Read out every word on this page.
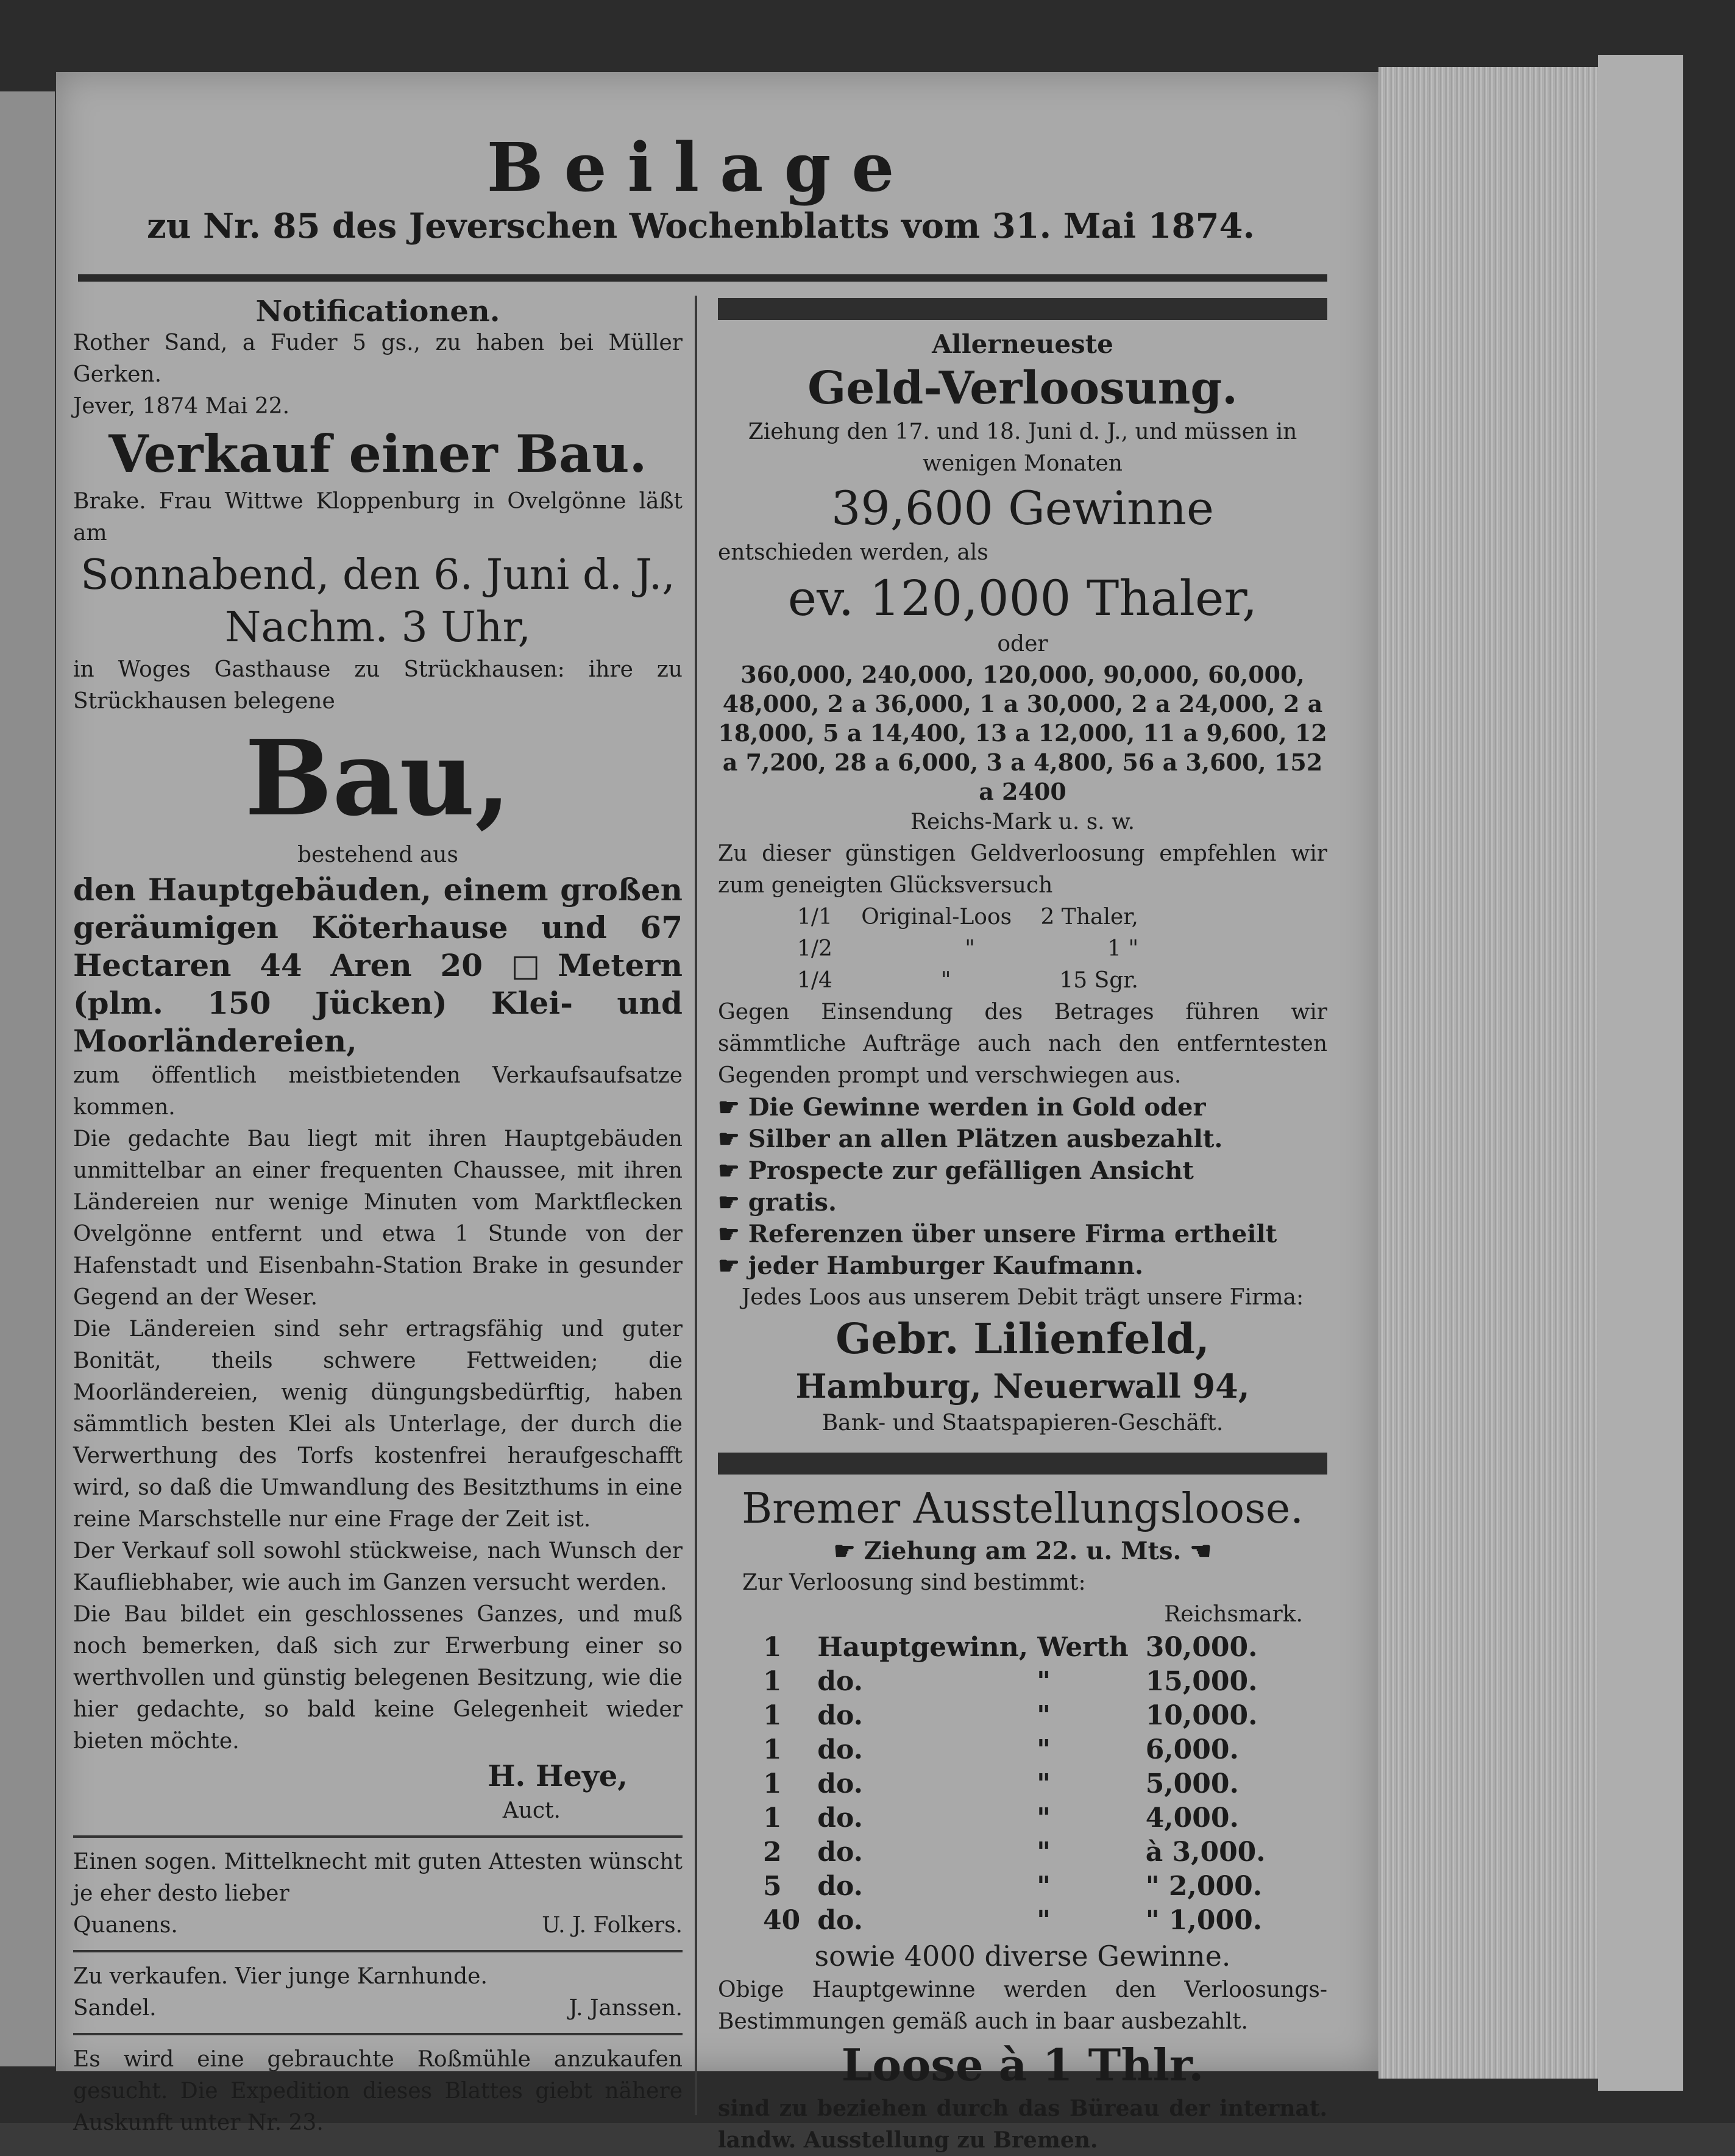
Beilage
zu Nr. 85 des Jeverschen Wochenblatts vom 31. Mai 1874.
Notificationen.
Rother Sand, a Fuder 5 gs., zu haben bei Müller Gerken.
Jever, 1874 Mai 22.
Verkauf einer Bau.
Brake. Frau Wittwe Kloppenburg in Ovelgönne läßt am
Sonnabend, den 6. Juni d. J.,
Nachm. 3 Uhr,
in Woges Gasthause zu Strückhausen: ihre zu Strückhausen belegene
Bau,
bestehend aus
den Hauptgebäuden, einem großen geräumigen Köterhause und 67 Hectaren 44 Aren 20 □Metern (plm. 150 Jücken) Klei- und Moorländereien,
zum öffentlich meistbietenden Verkaufsaufsatze kommen.
Die gedachte Bau liegt mit ihren Hauptgebäuden unmittelbar an einer frequenten Chaussee, mit ihren Ländereien nur wenige Minuten vom Marktflecken Ovelgönne entfernt und etwa 1 Stunde von der Hafenstadt und Eisenbahn-Station Brake in gesunder Gegend an der Weser.
Die Ländereien sind sehr ertragsfähig und guter Bonität, theils schwere Fettweiden; die Moorländereien, wenig düngungsbedürftig, haben sämmtlich besten Klei als Unterlage, der durch die Verwerthung des Torfs kostenfrei heraufgeschafft wird, so daß die Umwandlung des Besitzthums in eine reine Marschstelle nur eine Frage der Zeit ist.
Der Verkauf soll sowohl stückweise, nach Wunsch der Kaufliebhaber, wie auch im Ganzen versucht werden.
Die Bau bildet ein geschlossenes Ganzes, und muß noch bemerken, daß sich zur Erwerbung einer so werthvollen und günstig belegenen Besitzung, wie die hier gedachte, so bald keine Gelegenheit wieder bieten möchte.
H. Heye,
Auct.
Einen sogen. Mittelknecht mit guten Attesten wünscht je eher desto lieber
Quanens.	U. J. Folkers.
Zu verkaufen. Vier junge Karnhunde.
Sandel.	J. Janssen.
Es wird eine gebrauchte Roßmühle anzukaufen gesucht. Die Expedition dieses Blattes giebt nähere Auskunft unter Nr. 23.
Allerneueste
Geld-Verloosung.
Ziehung den 17. und 18. Juni d. J., und müssen in wenigen Monaten
39,600 Gewinne
entschieden werden, als
ev. 120,000 Thaler,
oder
360,000, 240,000, 120,000, 90,000, 60,000, 48,000, 2 a 36,000, 1 a 30,000, 2 a 24,000, 2 a 18,000, 5 a 14,400, 13 a 12,000, 11 a 9,600, 12 a 7,200, 28 a 6,000, 3 a 4,800, 56 a 3,600, 152 a 2400
Reichs-Mark u. s. w.
Zu dieser günstigen Geldverloosung empfehlen wir zum geneigten Glücksversuch
1/1 Original-Loos 2 Thaler,
1/2	"	1 "
1/4	"	15 Sgr.
Gegen Einsendung des Betrages führen wir sämmtliche Aufträge auch nach den entferntesten Gegenden prompt und verschwiegen aus.
☛ Die Gewinne werden in Gold oder
☛ Silber an allen Plätzen ausbezahlt.
☛ Prospecte zur gefälligen Ansicht
☛ gratis.
☛ Referenzen über unsere Firma ertheilt
☛ jeder Hamburger Kaufmann.
Jedes Loos aus unserem Debit trägt unsere Firma:
Gebr. Lilienfeld,
Hamburg, Neuerwall 94,
Bank- und Staatspapieren-Geschäft.
Bremer Ausstellungsloose.
☛ Ziehung am 22. u. Mts. ☚
Zur Verloosung sind bestimmt:
Reichsmark.
1	Hauptgewinn, Werth		30,000.
1	do.	"	15,000.
1	do.	"	10,000.
1	do.	"	6,000.
1	do.	"	5,000.
1	do.	"	4,000.
2	do.	"	à 3,000.
5	do.	"	" 2,000.
40	do.	"	" 1,000.
sowie 4000 diverse Gewinne.
Obige Hauptgewinne werden den Verloosungs-Bestimmungen gemäß auch in baar ausbezahlt.
Loose à 1 Thlr.
sind zu beziehen durch das Büreau der internat. landw. Ausstellung zu Bremen.
